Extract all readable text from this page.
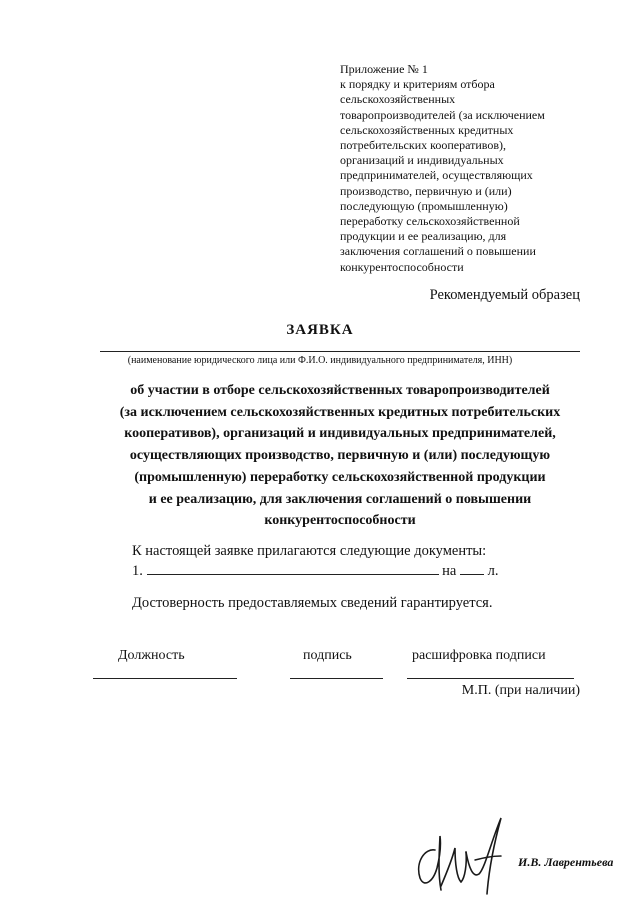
Приложение № 1
к порядку и критериям отбора
сельскохозяйственных
товаропроизводителей (за исключением
сельскохозяйственных кредитных
потребительских кооперативов),
организаций и индивидуальных
предпринимателей, осуществляющих
производство, первичную и (или)
последующую (промышленную)
переработку сельскохозяйственной
продукции и ее реализацию, для
заключения соглашений о повышении
конкурентоспособности
Рекомендуемый образец
ЗАЯВКА
(наименование юридического лица или Ф.И.О. индивидуального предпринимателя, ИНН)
об участии в отборе сельскохозяйственных товаропроизводителей
(за исключением сельскохозяйственных кредитных потребительских
кооперативов), организаций и индивидуальных предпринимателей,
осуществляющих производство, первичную и (или) последующую
(промышленную) переработку сельскохозяйственной продукции
и ее реализацию, для заключения соглашений о повышении
конкурентоспособности
К настоящей заявке прилагаются следующие документы:
1.	на л.
Достоверность предоставляемых сведений гарантируется.
Должность	подпись	расшифровка подписи
М.П. (при наличии)
И.В. Лаврентьева
